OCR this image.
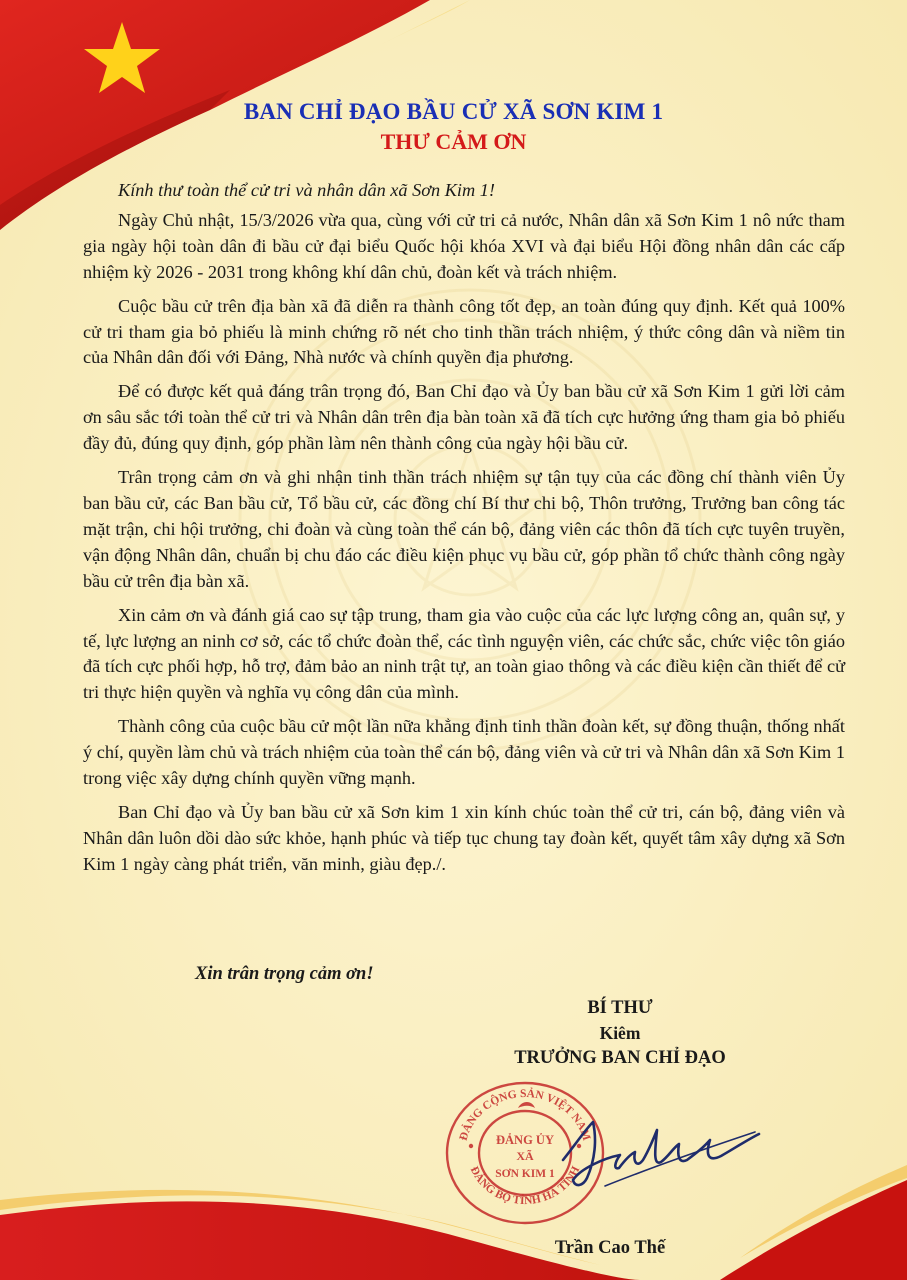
BAN CHỈ ĐẠO BẦU CỬ XÃ SƠN KIM 1
THƯ CẢM ƠN

Kính thư toàn thể cử tri và nhân dân xã Sơn Kim 1!

Ngày Chủ nhật, 15/3/2026 vừa qua, cùng với cử tri cả nước, Nhân dân xã Sơn Kim 1 nô nức tham gia ngày hội toàn dân đi bầu cử đại biểu Quốc hội khóa XVI và đại biểu Hội đồng nhân dân các cấp nhiệm kỳ 2026 - 2031 trong không khí dân chủ, đoàn kết và trách nhiệm.

Cuộc bầu cử trên địa bàn xã đã diễn ra thành công tốt đẹp, an toàn đúng quy định. Kết quả 100% cử tri tham gia bỏ phiếu là minh chứng rõ nét cho tinh thần trách nhiệm, ý thức công dân và niềm tin của Nhân dân đối với Đảng, Nhà nước và chính quyền địa phương.

Để có được kết quả đáng trân trọng đó, Ban Chỉ đạo và Ủy ban bầu cử xã Sơn Kim 1 gửi lời cảm ơn sâu sắc tới toàn thể cử tri và Nhân dân trên địa bàn toàn xã đã tích cực hưởng ứng tham gia bỏ phiếu đầy đủ, đúng quy định, góp phần làm nên thành công của ngày hội bầu cử.

Trân trọng cảm ơn và ghi nhận tinh thần trách nhiệm sự tận tụy của các đồng chí thành viên Ủy ban bầu cử, các Ban bầu cử, Tổ bầu cử, các đồng chí Bí thư chi bộ, Thôn trưởng, Trưởng ban công tác mặt trận, chi hội trưởng, chi đoàn và cùng toàn thể cán bộ, đảng viên các thôn đã tích cực tuyên truyền, vận động Nhân dân, chuẩn bị chu đáo các điều kiện phục vụ bầu cử, góp phần tổ chức thành công ngày bầu cử trên địa bàn xã.

Xin cảm ơn và đánh giá cao sự tập trung, tham gia vào cuộc của các lực lượng công an, quân sự, y tế, lực lượng an ninh cơ sở, các tổ chức đoàn thể, các tình nguyện viên, các chức sắc, chức việc tôn giáo đã tích cực phối hợp, hỗ trợ, đảm bảo an ninh trật tự, an toàn giao thông và các điều kiện cần thiết để cử tri thực hiện quyền và nghĩa vụ công dân của mình.

Thành công của cuộc bầu cử một lần nữa khẳng định tinh thần đoàn kết, sự đồng thuận, thống nhất ý chí, quyền làm chủ và trách nhiệm của toàn thể cán bộ, đảng viên và cử tri và Nhân dân xã Sơn Kim 1 trong việc xây dựng chính quyền vững mạnh.

Ban Chỉ đạo và Ủy ban bầu cử xã Sơn kim 1 xin kính chúc toàn thể cử tri, cán bộ, đảng viên và Nhân dân luôn dồi dào sức khỏe, hạnh phúc và tiếp tục chung tay đoàn kết, quyết tâm xây dựng xã Sơn Kim 1 ngày càng phát triển, văn minh, giàu đẹp./.

Xin trân trọng cảm ơn!
BÍ THƯ
Kiêm
TRƯỞNG BAN CHỈ ĐẠO
ĐẢNG CỘNG SẢN VIỆT NAM
ĐẢNG BỘ TỈNH HÀ TĨNH
ĐẢNG ỦY
XÃ
SƠN KIM 1
Trần Cao Thế
